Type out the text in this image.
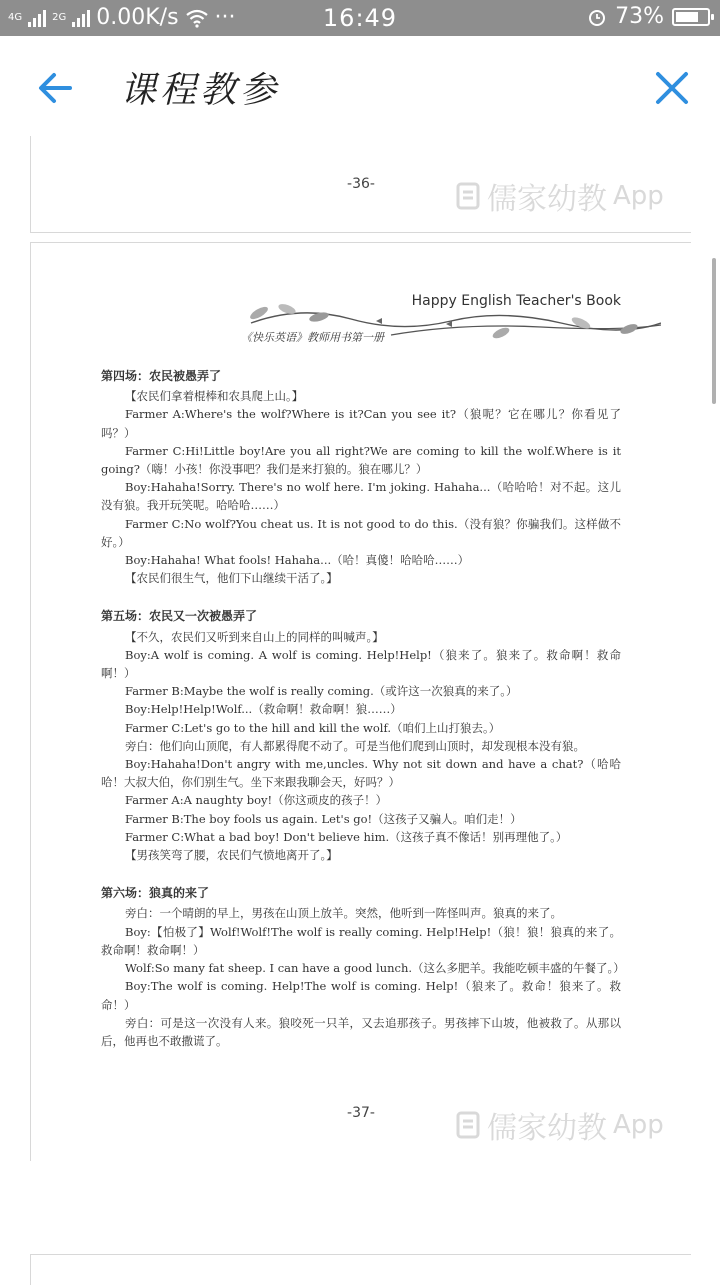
4G	2G 0.00K/s ···	16:49	73%
课程教参
-36-	儒家幼教 App
Happy English Teacher's Book
《快乐英语》教师用书第一册
第四场：农民被愚弄了

【农民们拿着棍棒和农具爬上山。】

Farmer A:Where's the wolf?Where is it?Can you see it?（狼呢？它在哪儿？你看见了吗？）

Farmer C:Hi!Little boy!Are you all right?We are coming to kill the wolf.Where is it going?（嗨！小孩！你没事吧？我们是来打狼的。狼在哪儿？）

Boy:Hahaha!Sorry. There's no wolf here. I'm joking. Hahaha...（哈哈哈！对不起。这儿没有狼。我开玩笑呢。哈哈哈……）

Farmer C:No wolf?You cheat us. It is not good to do this.（没有狼？你骗我们。这样做不好。）

Boy:Hahaha! What fools! Hahaha...（哈！真傻！哈哈哈……）

【农民们很生气，他们下山继续干活了。】

第五场：农民又一次被愚弄了

【不久，农民们又听到来自山上的同样的叫喊声。】

Boy:A wolf is coming. A wolf is coming. Help!Help!（狼来了。狼来了。救命啊！救命啊！）

Farmer B:Maybe the wolf is really coming.（或许这一次狼真的来了。）

Boy:Help!Help!Wolf...（救命啊！救命啊！狼……）

Farmer C:Let's go to the hill and kill the wolf.（咱们上山打狼去。）

旁白：他们向山顶爬，有人都累得爬不动了。可是当他们爬到山顶时，却发现根本没有狼。

Boy:Hahaha!Don't angry with me,uncles. Why not sit down and have a chat?（哈哈哈！大叔大伯，你们别生气。坐下来跟我聊会天，好吗？）

Farmer A:A naughty boy!（你这顽皮的孩子！）

Farmer B:The boy fools us again. Let's go!（这孩子又骗人。咱们走！）

Farmer C:What a bad boy! Don't believe him.（这孩子真不像话！别再理他了。）

【男孩笑弯了腰，农民们气愤地离开了。】

第六场：狼真的来了

旁白：一个晴朗的早上，男孩在山顶上放羊。突然，他听到一阵怪叫声。狼真的来了。

Boy:【怕极了】Wolf!Wolf!The wolf is really coming. Help!Help!（狼！狼！狼真的来了。救命啊！救命啊！）

Wolf:So many fat sheep. I can have a good lunch.（这么多肥羊。我能吃顿丰盛的午餐了。）

Boy:The wolf is coming. Help!The wolf is coming. Help!（狼来了。救命！狼来了。救命！）

旁白：可是这一次没有人来。狼咬死一只羊，又去追那孩子。男孩摔下山坡，他被救了。从那以后，他再也不敢撒谎了。

-37-	儒家幼教 App
